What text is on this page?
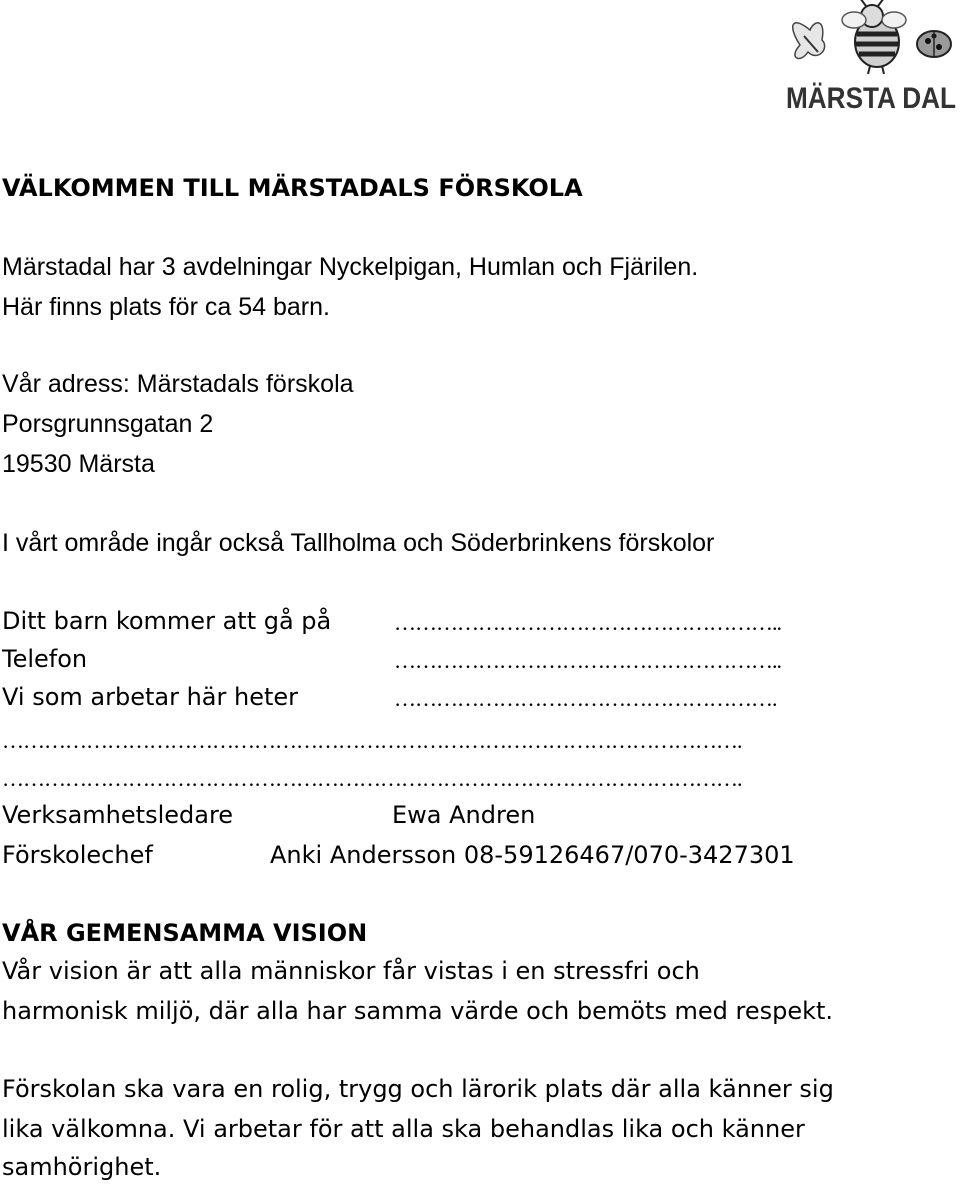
MÄRSTA DAL
VÄLKOMMEN TILL MÄRSTADALS FÖRSKOLA
Märstadal har 3 avdelningar Nyckelpigan, Humlan och Fjärilen.
Här finns plats för ca 54 barn.
Vår adress: Märstadals förskola
Porsgrunnsgatan 2
19530 Märsta
I vårt område ingår också Tallholma och Söderbrinkens förskolor
Ditt barn kommer att gå på	………………………………………………..
Telefon	………………………………………………..
Vi som arbetar här heter	……………………………………………….
…………………………………………………………………………………………….
…………………………………………………………………………………………….
Verksamhetsledare	Ewa Andren
Förskolechef	Anki Andersson 08-59126467/070-3427301
VÅR GEMENSAMMA VISION
Vår vision är att alla människor får vistas i en stressfri och
harmonisk miljö, där alla har samma värde och bemöts med respekt.
Förskolan ska vara en rolig, trygg och lärorik plats där alla känner sig
lika välkomna. Vi arbetar för att alla ska behandlas lika och känner
samhörighet.
